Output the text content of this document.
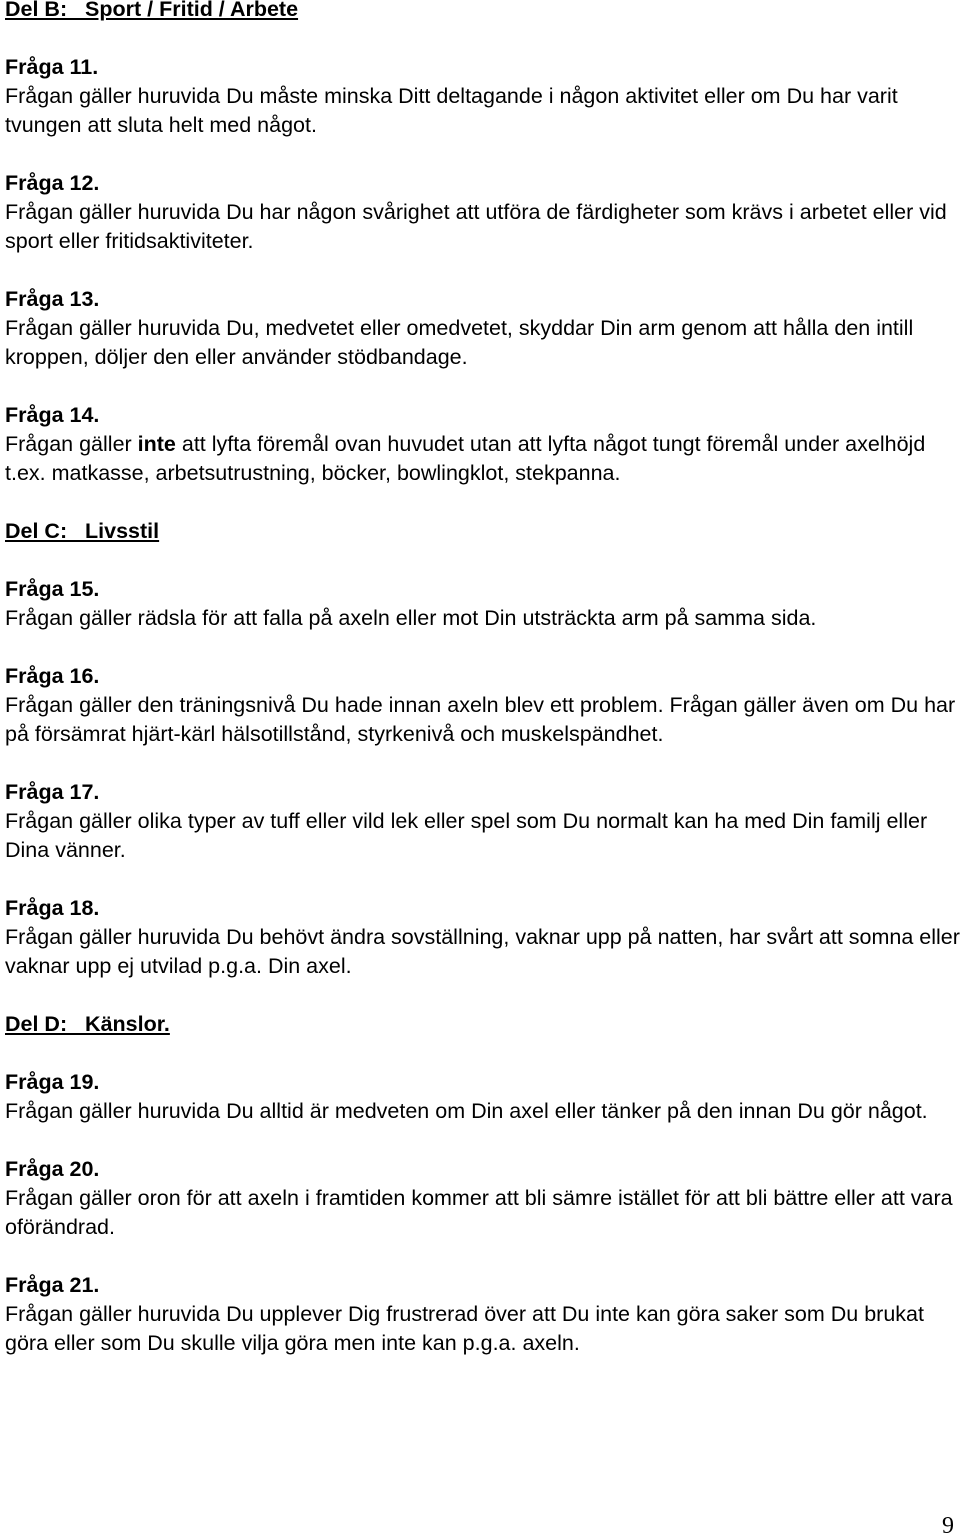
Del B:   Sport / Fritid / Arbete
Fråga 11.
Frågan gäller huruvida Du måste minska Ditt deltagande i någon aktivitet eller om Du har varit tvungen att sluta helt med något.
Fråga 12.
Frågan gäller huruvida Du har någon svårighet att utföra de färdigheter som krävs i arbetet eller vid sport eller fritidsaktiviteter.
Fråga 13.
Frågan gäller huruvida Du, medvetet eller omedvetet, skyddar Din arm genom att hålla den intill kroppen, döljer den eller använder stödbandage.
Fråga 14.
Frågan gäller inte att lyfta föremål ovan huvudet utan att lyfta något tungt föremål under axelhöjd t.ex. matkasse, arbetsutrustning, böcker, bowlingklot, stekpanna.
Del C:   Livsstil
Fråga 15.
Frågan gäller rädsla för att falla på axeln eller mot Din utsträckta arm på samma sida.
Fråga 16.
Frågan gäller den träningsnivå Du hade innan axeln blev ett problem. Frågan gäller även om Du har på försämrat hjärt-kärl hälsotillstånd, styrkenivå och muskelspändhet.
Fråga 17.
Frågan gäller olika typer av tuff eller vild lek eller spel som Du normalt kan ha med Din familj eller Dina vänner.
Fråga 18.
Frågan gäller huruvida Du behövt ändra sovställning, vaknar upp på natten, har svårt att somna eller vaknar upp ej utvilad p.g.a. Din axel.
Del D:   Känslor.
Fråga 19.
Frågan gäller huruvida Du alltid är medveten om Din axel eller tänker på den innan Du gör något.
Fråga 20.
Frågan gäller oron för att axeln i framtiden kommer att bli sämre istället för att bli bättre eller att vara oförändrad.
Fråga 21.
Frågan gäller huruvida Du upplever Dig frustrerad över att Du inte kan göra saker som Du brukat göra eller som Du skulle vilja göra men inte kan p.g.a. axeln.
9
